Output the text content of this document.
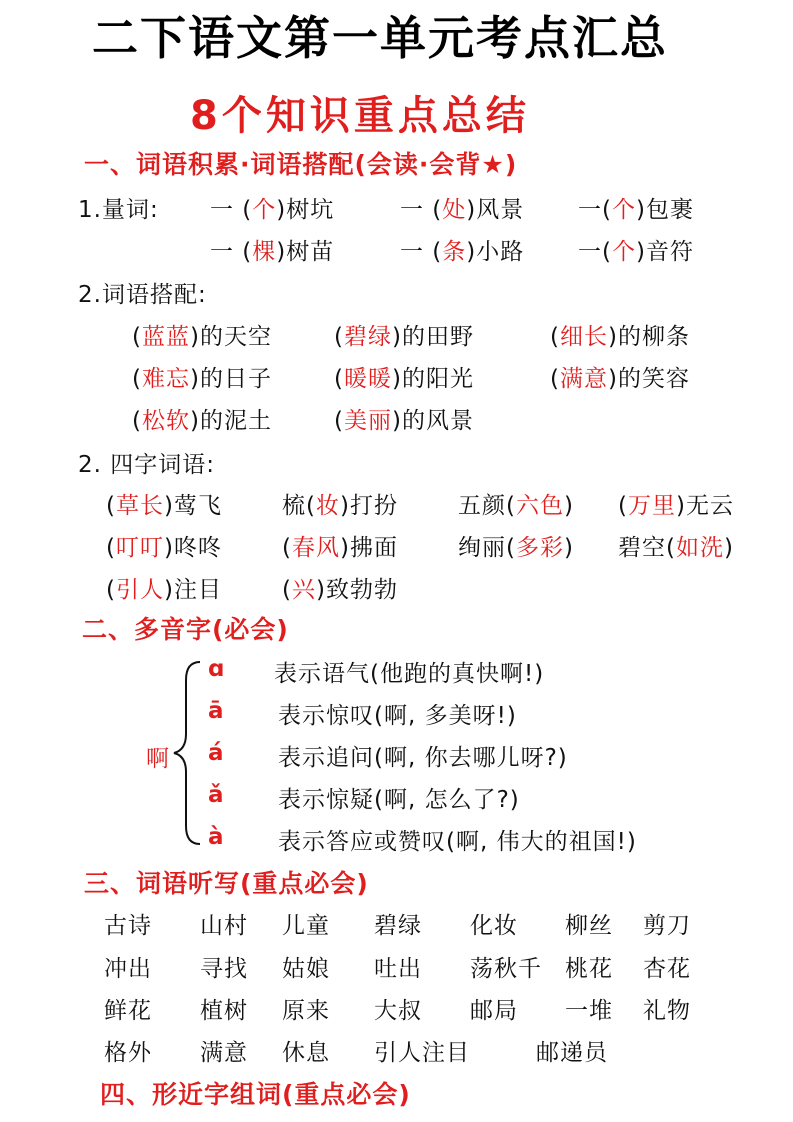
二下语文第一单元考点汇总
8个知识重点总结
一、词语积累·词语搭配(会读·会背★)
1.量词: 一 (个)树坑	一 (处)风景 一(个)包裹
一 (棵)树苗	一 (条)小路 一(个)音符
2.词语搭配:
(蓝蓝)的天空	(碧绿)的田野	(细长)的柳条
(难忘)的日子	(暖暖)的阳光	(满意)的笑容
(松软)的泥土	(美丽)的风景
2. 四字词语:
(草长)莺飞	梳(妆)打扮	五颜(六色) (万里)无云
(叮叮)咚咚	(春风)拂面	绚丽(多彩) 碧空(如洗)
(引人)注目	(兴)致勃勃
二、多音字(必会)
啊
ɑ 表示语气(他跑的真快啊!)
ā 表示惊叹(啊, 多美呀!)
á 表示追问(啊, 你去哪儿呀?)
ǎ 表示惊疑(啊, 怎么了?)
à 表示答应或赞叹(啊, 伟大的祖国!)
三、词语听写(重点必会)
古诗 山村 儿童 碧绿 化妆 柳丝 剪刀
冲出 寻找 姑娘 吐出 荡秋千 桃花 杏花
鲜花 植树 原来 大叔 邮局 一堆 礼物
格外 满意 休息 引人注目	邮递员
四、形近字组词(重点必会)
